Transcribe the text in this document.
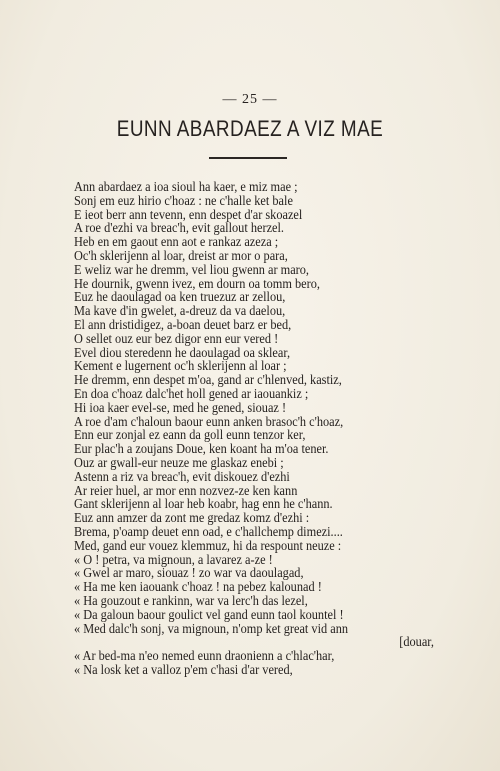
— 25 —
EUNN ABARDAEZ A VIZ MAE
Ann abardaez a ioa sioul ha kaer, e miz mae ;
Sonj em euz hirio c'hoaz : ne c'halle ket bale
E ieot berr ann tevenn, enn despet d'ar skoazel
A roe d'ezhi va breac'h, evit gallout herzel.
Heb en em gaout enn aot e rankaz azeza ;
Oc'h sklerijenn al loar, dreist ar mor o para,
E weliz war he dremm, vel liou gwenn ar maro,
He dournik, gwenn ivez, em dourn oa tomm bero,
Euz he daoulagad oa ken truezuz ar zellou,
Ma kave d'in gwelet, a-dreuz da va daelou,
El ann dristidigez, a-boan deuet barz er bed,
O sellet ouz eur bez digor enn eur vered !
Evel diou steredenn he daoulagad oa sklear,
Kement e lugernent oc'h sklerijenn al loar ;
He dremm, enn despet m'oa, gand ar c'hlenved, kastiz,
En doa c'hoaz dalc'het holl gened ar iaouankiz ;
Hi ioa kaer evel-se, med he gened, siouaz !
A roe d'am c'haloun baour eunn anken brasoc'h c'hoaz,
Enn eur zonjal ez eann da goll eunn tenzor ker,
Eur plac'h a zoujans Doue, ken koant ha m'oa tener.
Ouz ar gwall-eur neuze me glaskaz enebi ;
Astenn a riz va breac'h, evit diskouez d'ezhi
Ar reier huel, ar mor enn nozvez-ze ken kann
Gant sklerijenn al loar heb koabr, hag enn he c'hann.
Euz ann amzer da zont me gredaz komz d'ezhi :
Brema, p'oamp deuet enn oad, e c'hallchemp dimezi....
Med, gand eur vouez klemmuz, hi da respount neuze :
« O ! petra, va mignoun, a lavarez a-ze !
« Gwel ar maro, siouaz ! zo war va daoulagad,
« Ha me ken iaouank c'hoaz ! na pebez kalounad !
« Ha gouzout e rankinn, war va lerc'h das lezel,
« Da galoun baour goulict vel gand eunn taol kountel !
« Med dalc'h sonj, va mignoun, n'omp ket great vid ann
[douar,
« Ar bed-ma n'eo nemed eunn draonienn a c'hlac'har,
« Na losk ket a valloz p'em c'hasi d'ar vered,
